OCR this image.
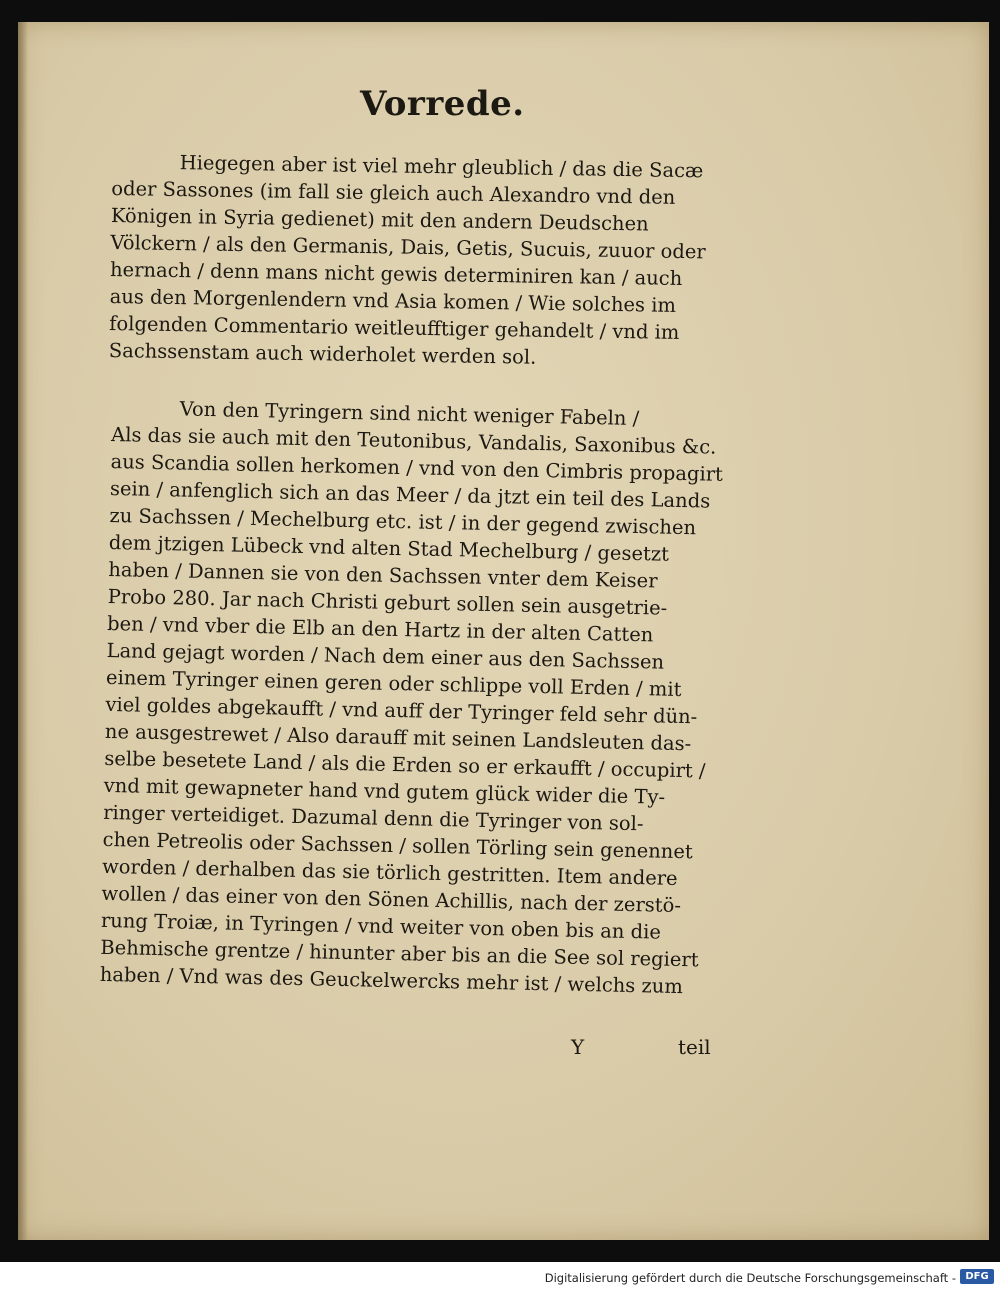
Vorrede.
Hiegegen aber ist viel mehr gleublich / das die Sacæ
oder Sassones (im fall sie gleich auch Alexandro vnd den
Königen in Syria gedienet) mit den andern Deudschen
Völckern / als den Germanis, Dais, Getis, Sucuis, zuuor oder
hernach / denn mans nicht gewis determiniren kan / auch
aus den Morgenlendern vnd Asia komen / Wie solches im
folgenden Commentario weitleufftiger gehandelt / vnd im
Sachssenstam auch widerholet werden sol.
Von den Tyringern sind nicht weniger Fabeln /
Als das sie auch mit den Teutonibus, Vandalis, Saxonibus &c.
aus Scandia sollen herkomen / vnd von den Cimbris propagirt
sein / anfenglich sich an das Meer / da jtzt ein teil des Lands
zu Sachssen / Mechelburg etc. ist / in der gegend zwischen
dem jtzigen Lübeck vnd alten Stad Mechelburg / gesetzt
haben / Dannen sie von den Sachssen vnter dem Keiser
Probo 280. Jar nach Christi geburt sollen sein ausgetrie-
ben / vnd vber die Elb an den Hartz in der alten Catten
Land gejagt worden / Nach dem einer aus den Sachssen
einem Tyringer einen geren oder schlippe voll Erden / mit
viel goldes abgekaufft / vnd auff der Tyringer feld sehr dün-
ne ausgestrewet / Also darauff mit seinen Landsleuten das-
selbe besetete Land / als die Erden so er erkaufft / occupirt /
vnd mit gewapneter hand vnd gutem glück wider die Ty-
ringer verteidiget. Dazumal denn die Tyringer von sol-
chen Petreolis oder Sachssen / sollen Törling sein genennet
worden / derhalben das sie törlich gestritten. Item andere
wollen / das einer von den Sönen Achillis, nach der zerstö-
rung Troiæ, in Tyringen / vnd weiter von oben bis an die
Behmische grentze / hinunter aber bis an die See sol regiert
haben / Vnd was des Geuckelwercks mehr ist / welchs zum
Y	teil
Digitalisierung gefördert durch die Deutsche Forschungsgemeinschaft - DFG
